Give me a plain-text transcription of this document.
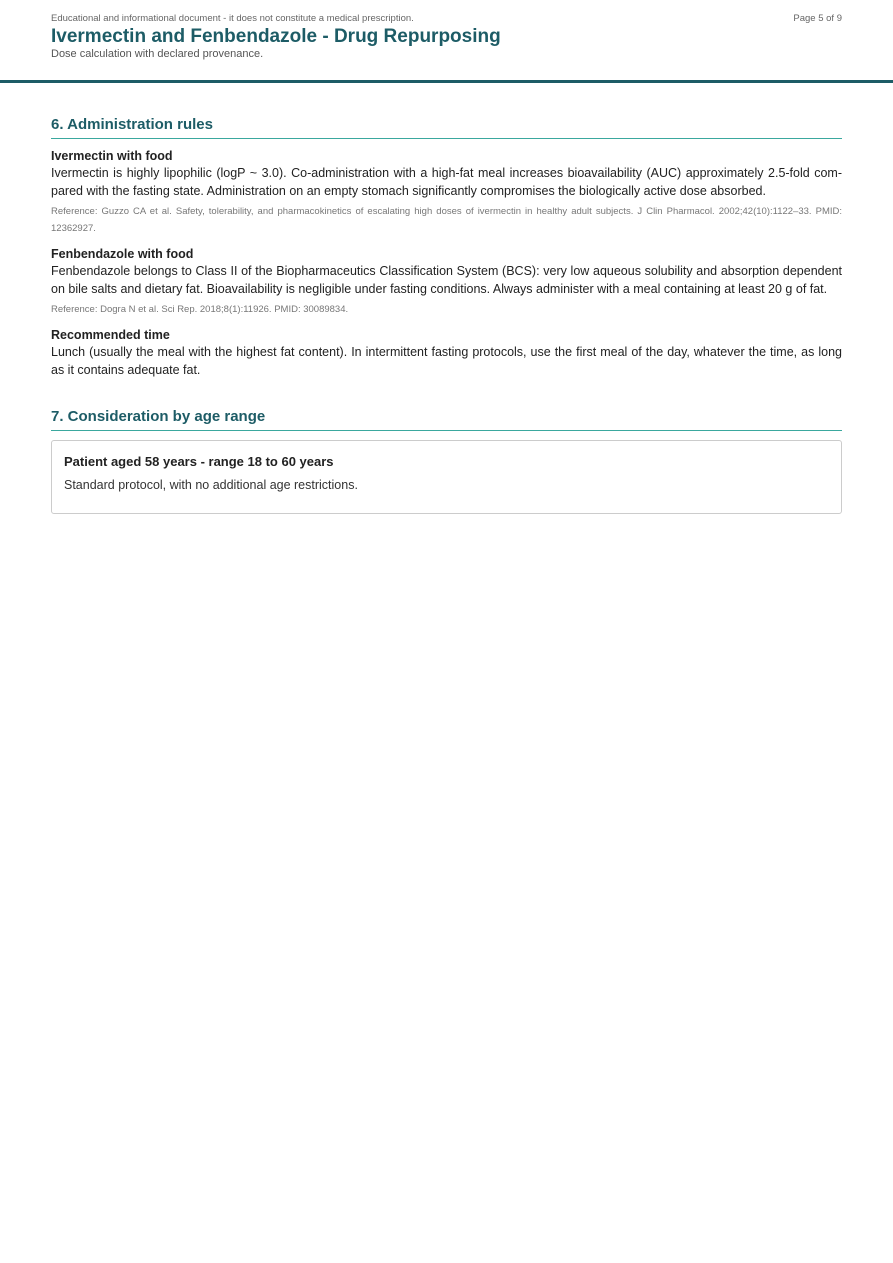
Educational and informational document - it does not constitute a medical prescription.	Page 5 of 9
Ivermectin and Fenbendazole - Drug Repurposing
Dose calculation with declared provenance.
6. Administration rules
Ivermectin with food
Ivermectin is highly lipophilic (logP ~ 3.0). Co-administration with a high-fat meal increases bioavailability (AUC) approximately 2.5-fold com- pared with the fasting state. Administration on an empty stomach significantly compromises the biologically active dose absorbed.
Reference: Guzzo CA et al. Safety, tolerability, and pharmacokinetics of escalating high doses of ivermectin in healthy adult subjects. J Clin Pharmacol. 2002;42(10):1122–33. PMID: 12362927.
Fenbendazole with food
Fenbendazole belongs to Class II of the Biopharmaceutics Classification System (BCS): very low aqueous solubility and absorption dependent on bile salts and dietary fat. Bioavailability is negligible under fasting conditions. Always administer with a meal containing at least 20 g of fat.
Reference: Dogra N et al. Sci Rep. 2018;8(1):11926. PMID: 30089834.
Recommended time
Lunch (usually the meal with the highest fat content). In intermittent fasting protocols, use the first meal of the day, whatever the time, as long as it contains adequate fat.
7. Consideration by age range
Patient aged 58 years - range 18 to 60 years
Standard protocol, with no additional age restrictions.
